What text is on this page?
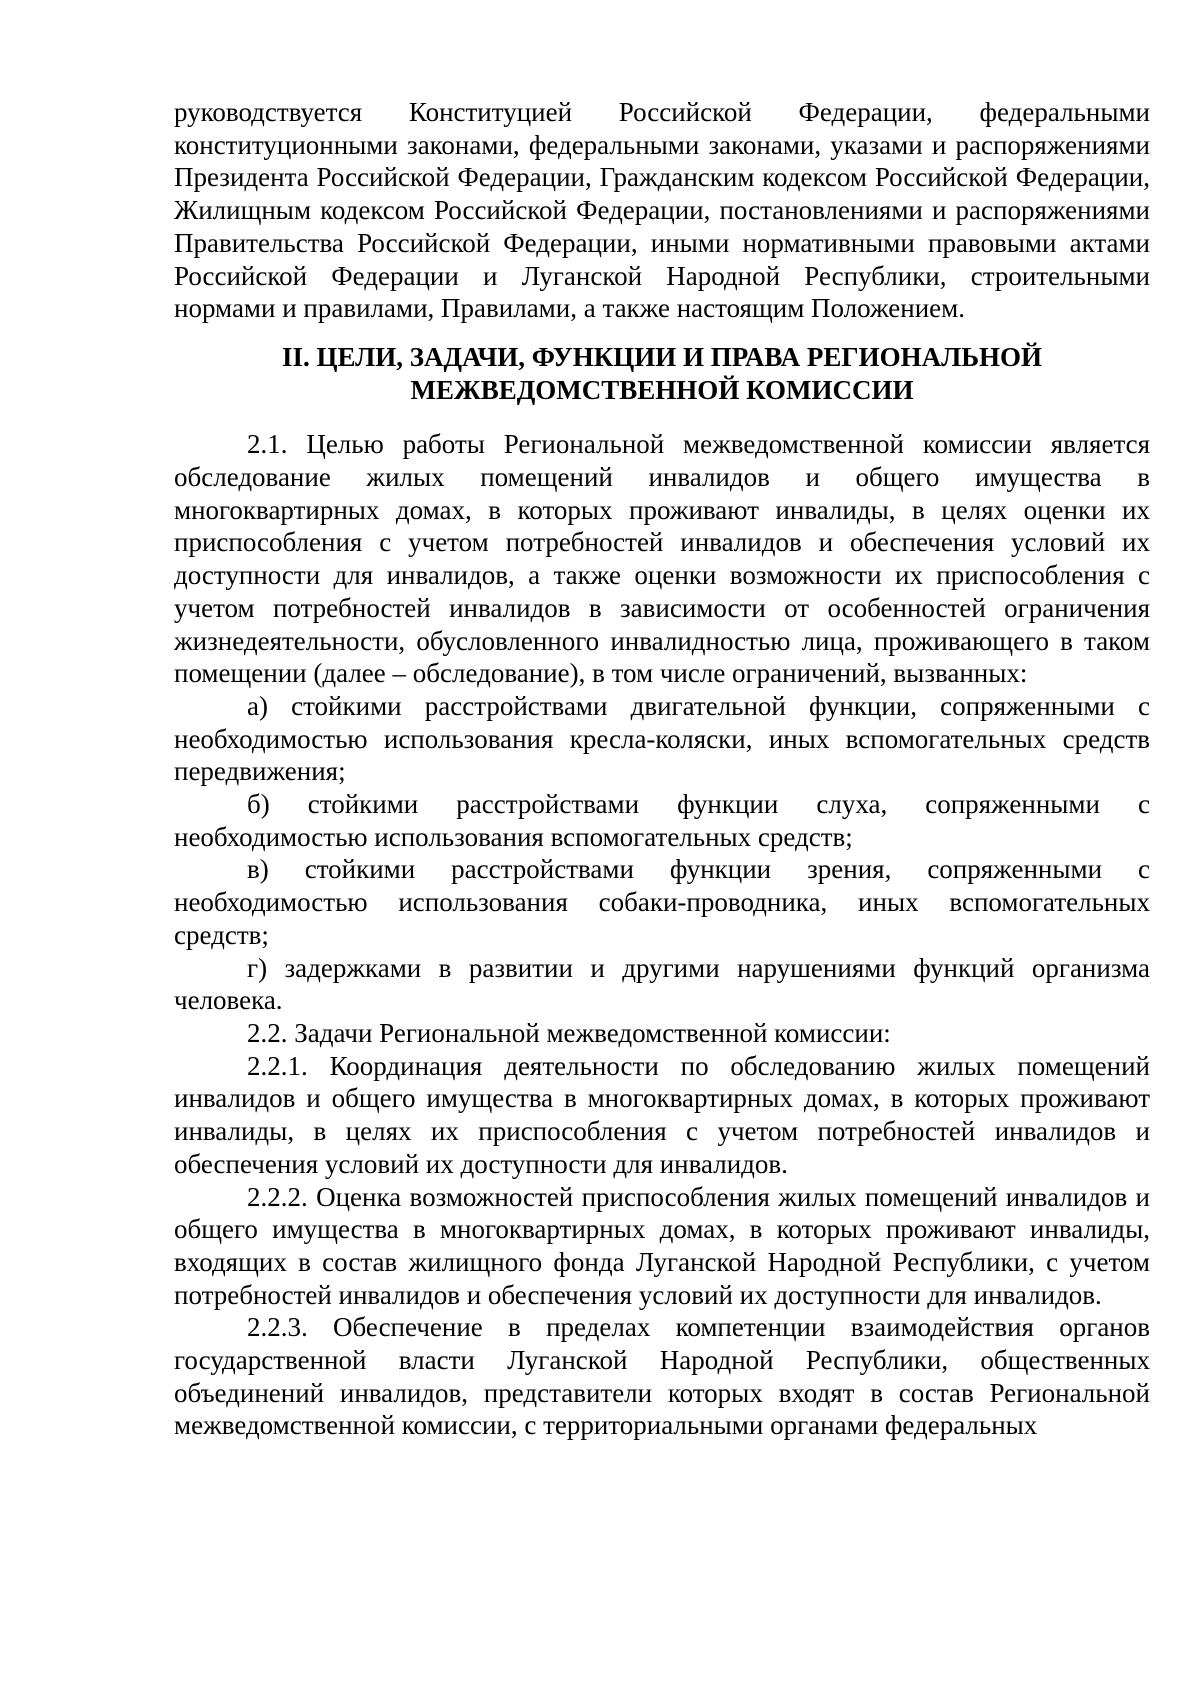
руководствуется Конституцией Российской Федерации, федеральными конституционными законами, федеральными законами, указами и распоряжениями Президента Российской Федерации, Гражданским кодексом Российской Федерации, Жилищным кодексом Российской Федерации, постановлениями и распоряжениями Правительства Российской Федерации, иными нормативными правовыми актами Российской Федерации и Луганской Народной Республики, строительными нормами и правилами, Правилами, а также настоящим Положением.

II. ЦЕЛИ, ЗАДАЧИ, ФУНКЦИИ И ПРАВА РЕГИОНАЛЬНОЙ
МЕЖВЕДОМСТВЕННОЙ КОМИССИИ

2.1. Целью работы Региональной межведомственной комиссии является обследование жилых помещений инвалидов и общего имущества в многоквартирных домах, в которых проживают инвалиды, в целях оценки их приспособления с учетом потребностей инвалидов и обеспечения условий их доступности для инвалидов, а также оценки возможности их приспособления с учетом потребностей инвалидов в зависимости от особенностей ограничения жизнедеятельности, обусловленного инвалидностью лица, проживающего в таком помещении (далее – обследование), в том числе ограничений, вызванных:

а) стойкими расстройствами двигательной функции, сопряженными с необходимостью использования кресла-коляски, иных вспомогательных средств передвижения;

б) стойкими расстройствами функции слуха, сопряженными с необходимостью использования вспомогательных средств;

в) стойкими расстройствами функции зрения, сопряженными с необходимостью использования собаки-проводника, иных вспомогательных средств;

г) задержками в развитии и другими нарушениями функций организма человека.

2.2. Задачи Региональной межведомственной комиссии:

2.2.1. Координация деятельности по обследованию жилых помещений инвалидов и общего имущества в многоквартирных домах, в которых проживают инвалиды, в целях их приспособления с учетом потребностей инвалидов и обеспечения условий их доступности для инвалидов.

2.2.2. Оценка возможностей приспособления жилых помещений инвалидов и общего имущества в многоквартирных домах, в которых проживают инвалиды, входящих в состав жилищного фонда Луганской Народной Республики, с учетом потребностей инвалидов и обеспечения условий их доступности для инвалидов.

2.2.3. Обеспечение в пределах компетенции взаимодействия органов государственной власти Луганской Народной Республики, общественных объединений инвалидов, представители которых входят в состав Региональной межведомственной комиссии, с территориальными органами федеральных
